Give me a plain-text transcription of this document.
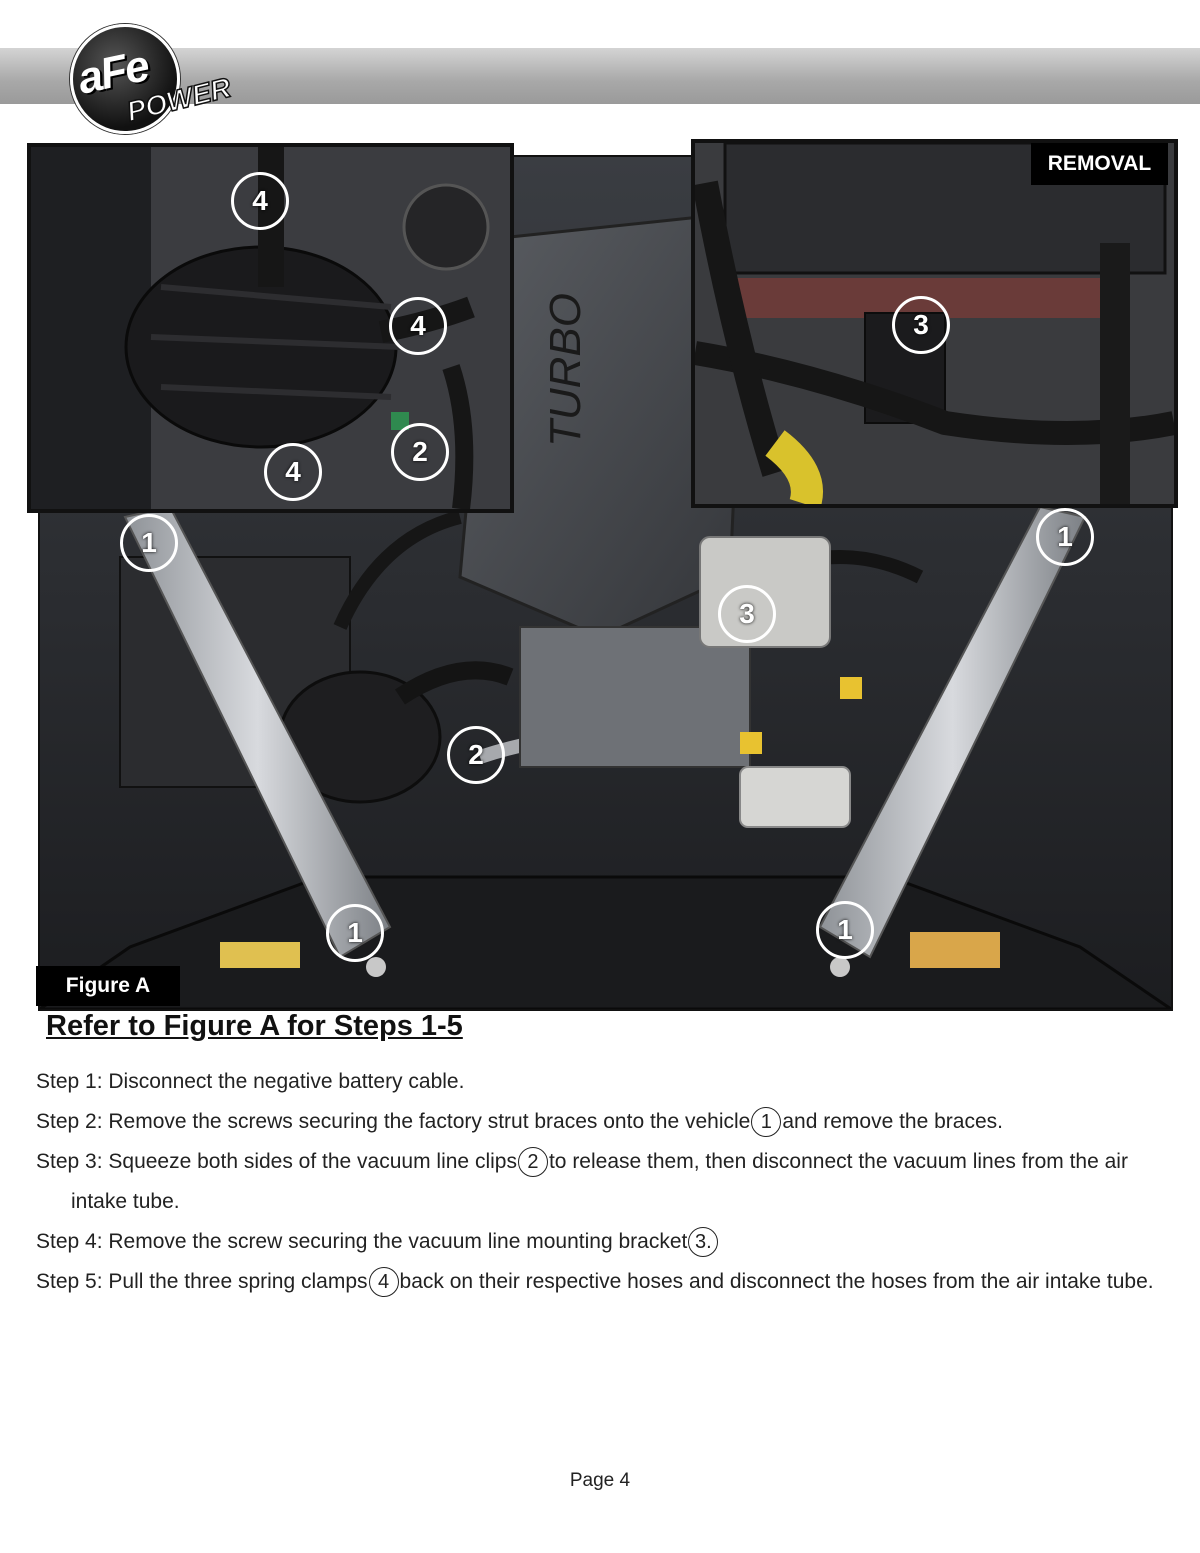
aFe
POWER
TURBO
4
4
4
2
3
1	1
3
2
1	1
REMOVAL
Figure A
Refer to Figure A for Steps 1-5

Step 1: Disconnect the negative battery cable.

Step 2: Remove the screws securing the factory strut braces onto the vehicle 1 and remove the braces.

Step 3: Squeeze both sides of the vacuum line clips 2 to release them, then disconnect the vacuum lines from the air intake tube.

Step 4: Remove the screw securing the vacuum line mounting bracket 3.

Step 5: Pull the three spring clamps 4 back on their respective hoses and disconnect the hoses from the air intake tube.

Page 4
